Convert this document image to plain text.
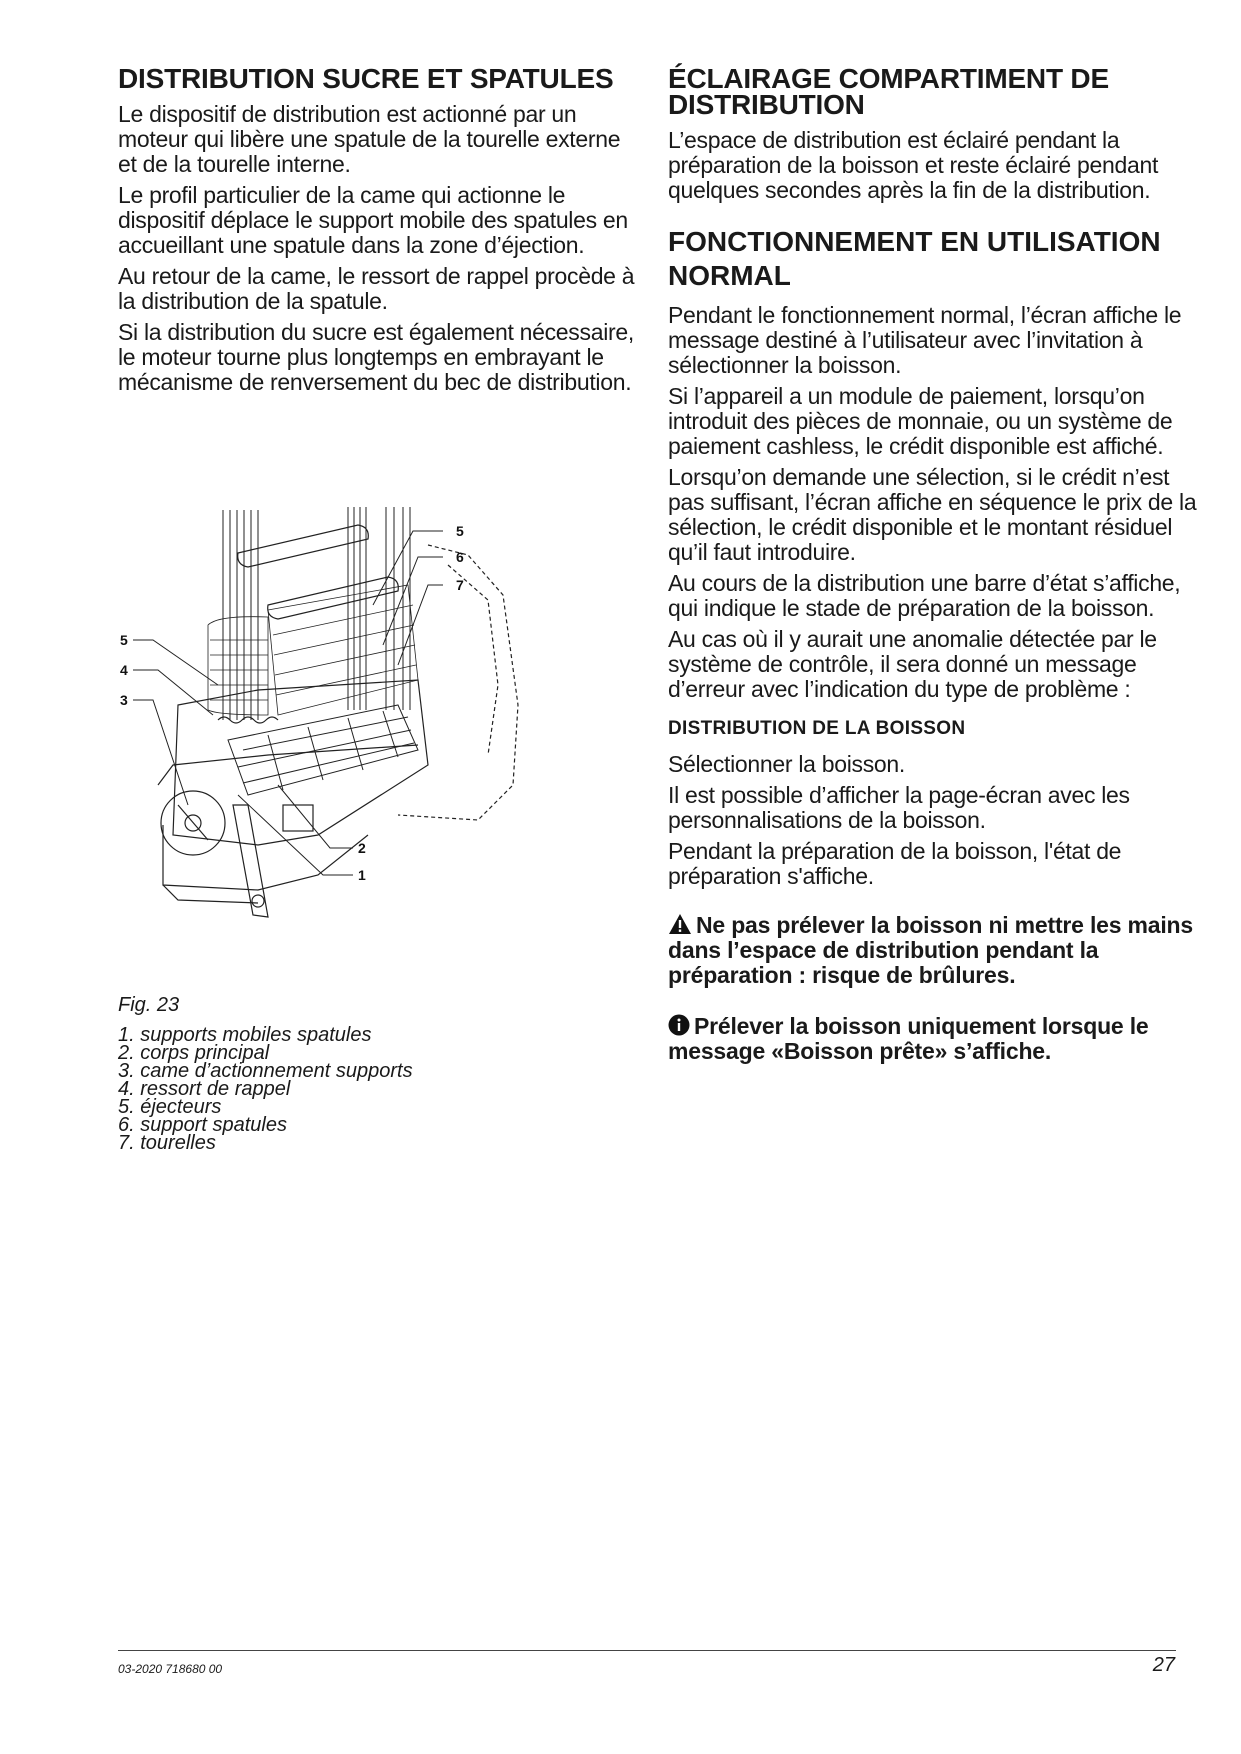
DISTRIBUTION SUCRE ET SPATULES

Le dispositif de distribution est actionné par un moteur qui libère une spatule de la tourelle externe et de la tourelle interne.

Le profil particulier de la came qui actionne le dispositif déplace le support mobile des spatules en accueillant une spatule dans la zone d’éjection.

Au retour de la came, le ressort de rappel procède à la distribution de la spatule.

Si la distribution du sucre est également nécessaire, le moteur tourne plus longtemps en embrayant le mécanisme de renversement du bec de distribution.

5
6
7
5
4
3
2
1
Fig. 23
1. supports mobiles spatules
2. corps principal
3. came d’actionnement supports
4. ressort de rappel
5. éjecteurs
6. support spatules
7. tourelles
ÉCLAIRAGE COMPARTIMENT DE DISTRIBUTION

L’espace de distribution est éclairé pendant la préparation de la boisson et reste éclairé pendant quelques secondes après la fin de la distribution.

FONCTIONNEMENT EN UTILISATION NORMAL

Pendant le fonctionnement normal, l’écran affiche le message destiné à l’utilisateur avec l’invitation à sélectionner la boisson.

Si l’appareil a un module de paiement, lorsqu’on introduit des pièces de monnaie, ou un système de paiement cashless, le crédit disponible est affiché.

Lorsqu’on demande une sélection, si le crédit n’est pas suffisant, l’écran affiche en séquence le prix de la sélection, le crédit disponible et le montant résiduel qu’il faut introduire.

Au cours de la distribution une barre d’état s’affiche, qui indique le stade de préparation de la boisson.

Au cas où il y aurait une anomalie détectée par le système de contrôle, il sera donné un message d’erreur avec l’indication du type de problème :

DISTRIBUTION DE LA BOISSON

Sélectionner la boisson.

Il est possible d’afficher la page-écran avec les personnalisations de la boisson.

Pendant la préparation de la boisson, l'état de préparation s'affiche.

Ne pas prélever la boisson ni mettre les mains dans l’espace de distribution pendant la préparation : risque de brûlures.

Prélever la boisson uniquement lorsque le message «Boisson prête» s’affiche.

03-2020 718680 00	27
